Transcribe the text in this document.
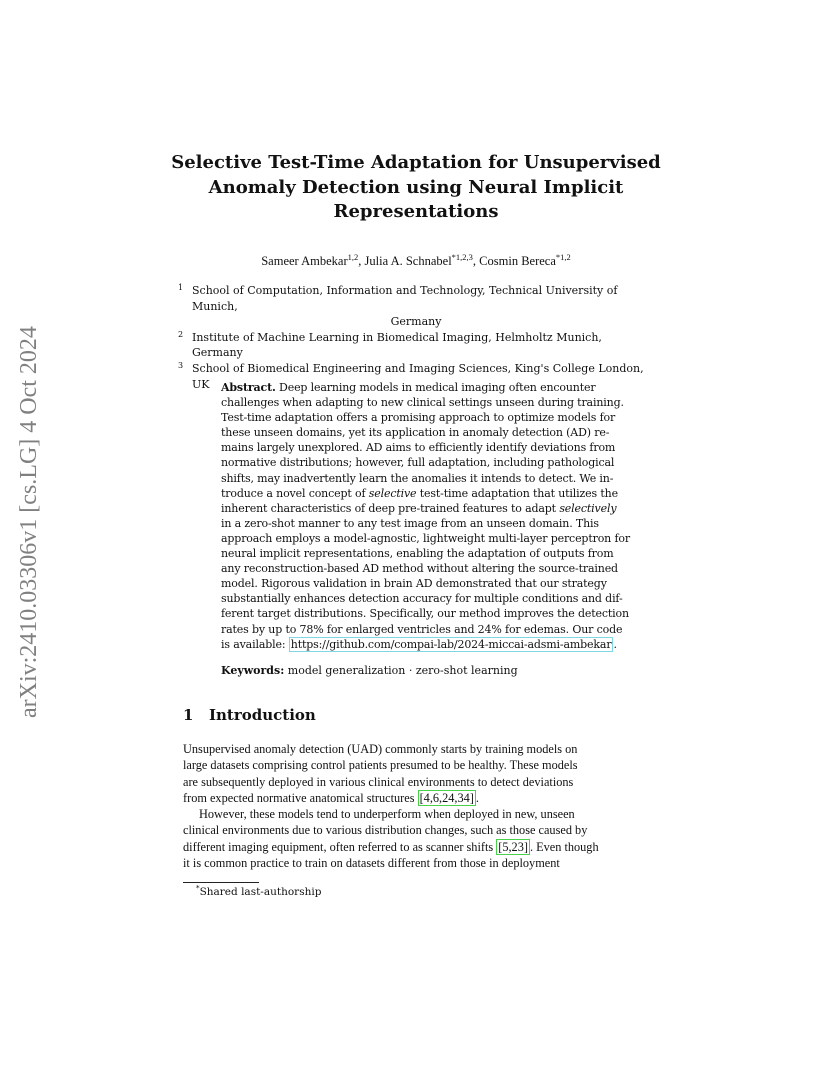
arXiv:2410.03306v1 [cs.LG] 4 Oct 2024
Selective Test-Time Adaptation for Unsupervised
Anomaly Detection using Neural Implicit
Representations
Sameer Ambekar$^{1,2}$, Julia A. Schnabel$^{*1,2,3}$, Cosmin Bereca$^{*1,2}$
1 School of Computation, Information and Technology, Technical University of Munich,
Germany
2 Institute of Machine Learning in Biomedical Imaging, Helmholtz Munich, Germany
3 School of Biomedical Engineering and Imaging Sciences, King's College London, UK	Abstract. Deep learning models in medical imaging often encounter
challenges when adapting to new clinical settings unseen during training.
Test-time adaptation offers a promising approach to optimize models for
these unseen domains, yet its application in anomaly detection (AD) re-
mains largely unexplored. AD aims to efficiently identify deviations from
normative distributions; however, full adaptation, including pathological
shifts, may inadvertently learn the anomalies it intends to detect. We in-
troduce a novel concept of selective test-time adaptation that utilizes the
inherent characteristics of deep pre-trained features to adapt selectively
in a zero-shot manner to any test image from an unseen domain. This
approach employs a model-agnostic, lightweight multi-layer perceptron for
neural implicit representations, enabling the adaptation of outputs from
any reconstruction-based AD method without altering the source-trained
model. Rigorous validation in brain AD demonstrated that our strategy
substantially enhances detection accuracy for multiple conditions and dif-
ferent target distributions. Specifically, our method improves the detection
rates by up to 78% for enlarged ventricles and 24% for edemas. Our code
is available: https://github.com/compai-lab/2024-miccai-adsmi-ambekar .
Keywords: model generalization · zero-shot learning
1 Introduction
Unsupervised anomaly detection (UAD) commonly starts by training models on
large datasets comprising control patients presumed to be healthy. These models
are subsequently deployed in various clinical environments to detect deviations
from expected normative anatomical structures [4,6,24,34] .
However, these models tend to underperform when deployed in new, unseen
clinical environments due to various distribution changes, such as those caused by
different imaging equipment, often referred to as scanner shifts [5,23] . Even though
it is common practice to train on datasets different from those in deployment
*Shared last-authorship
